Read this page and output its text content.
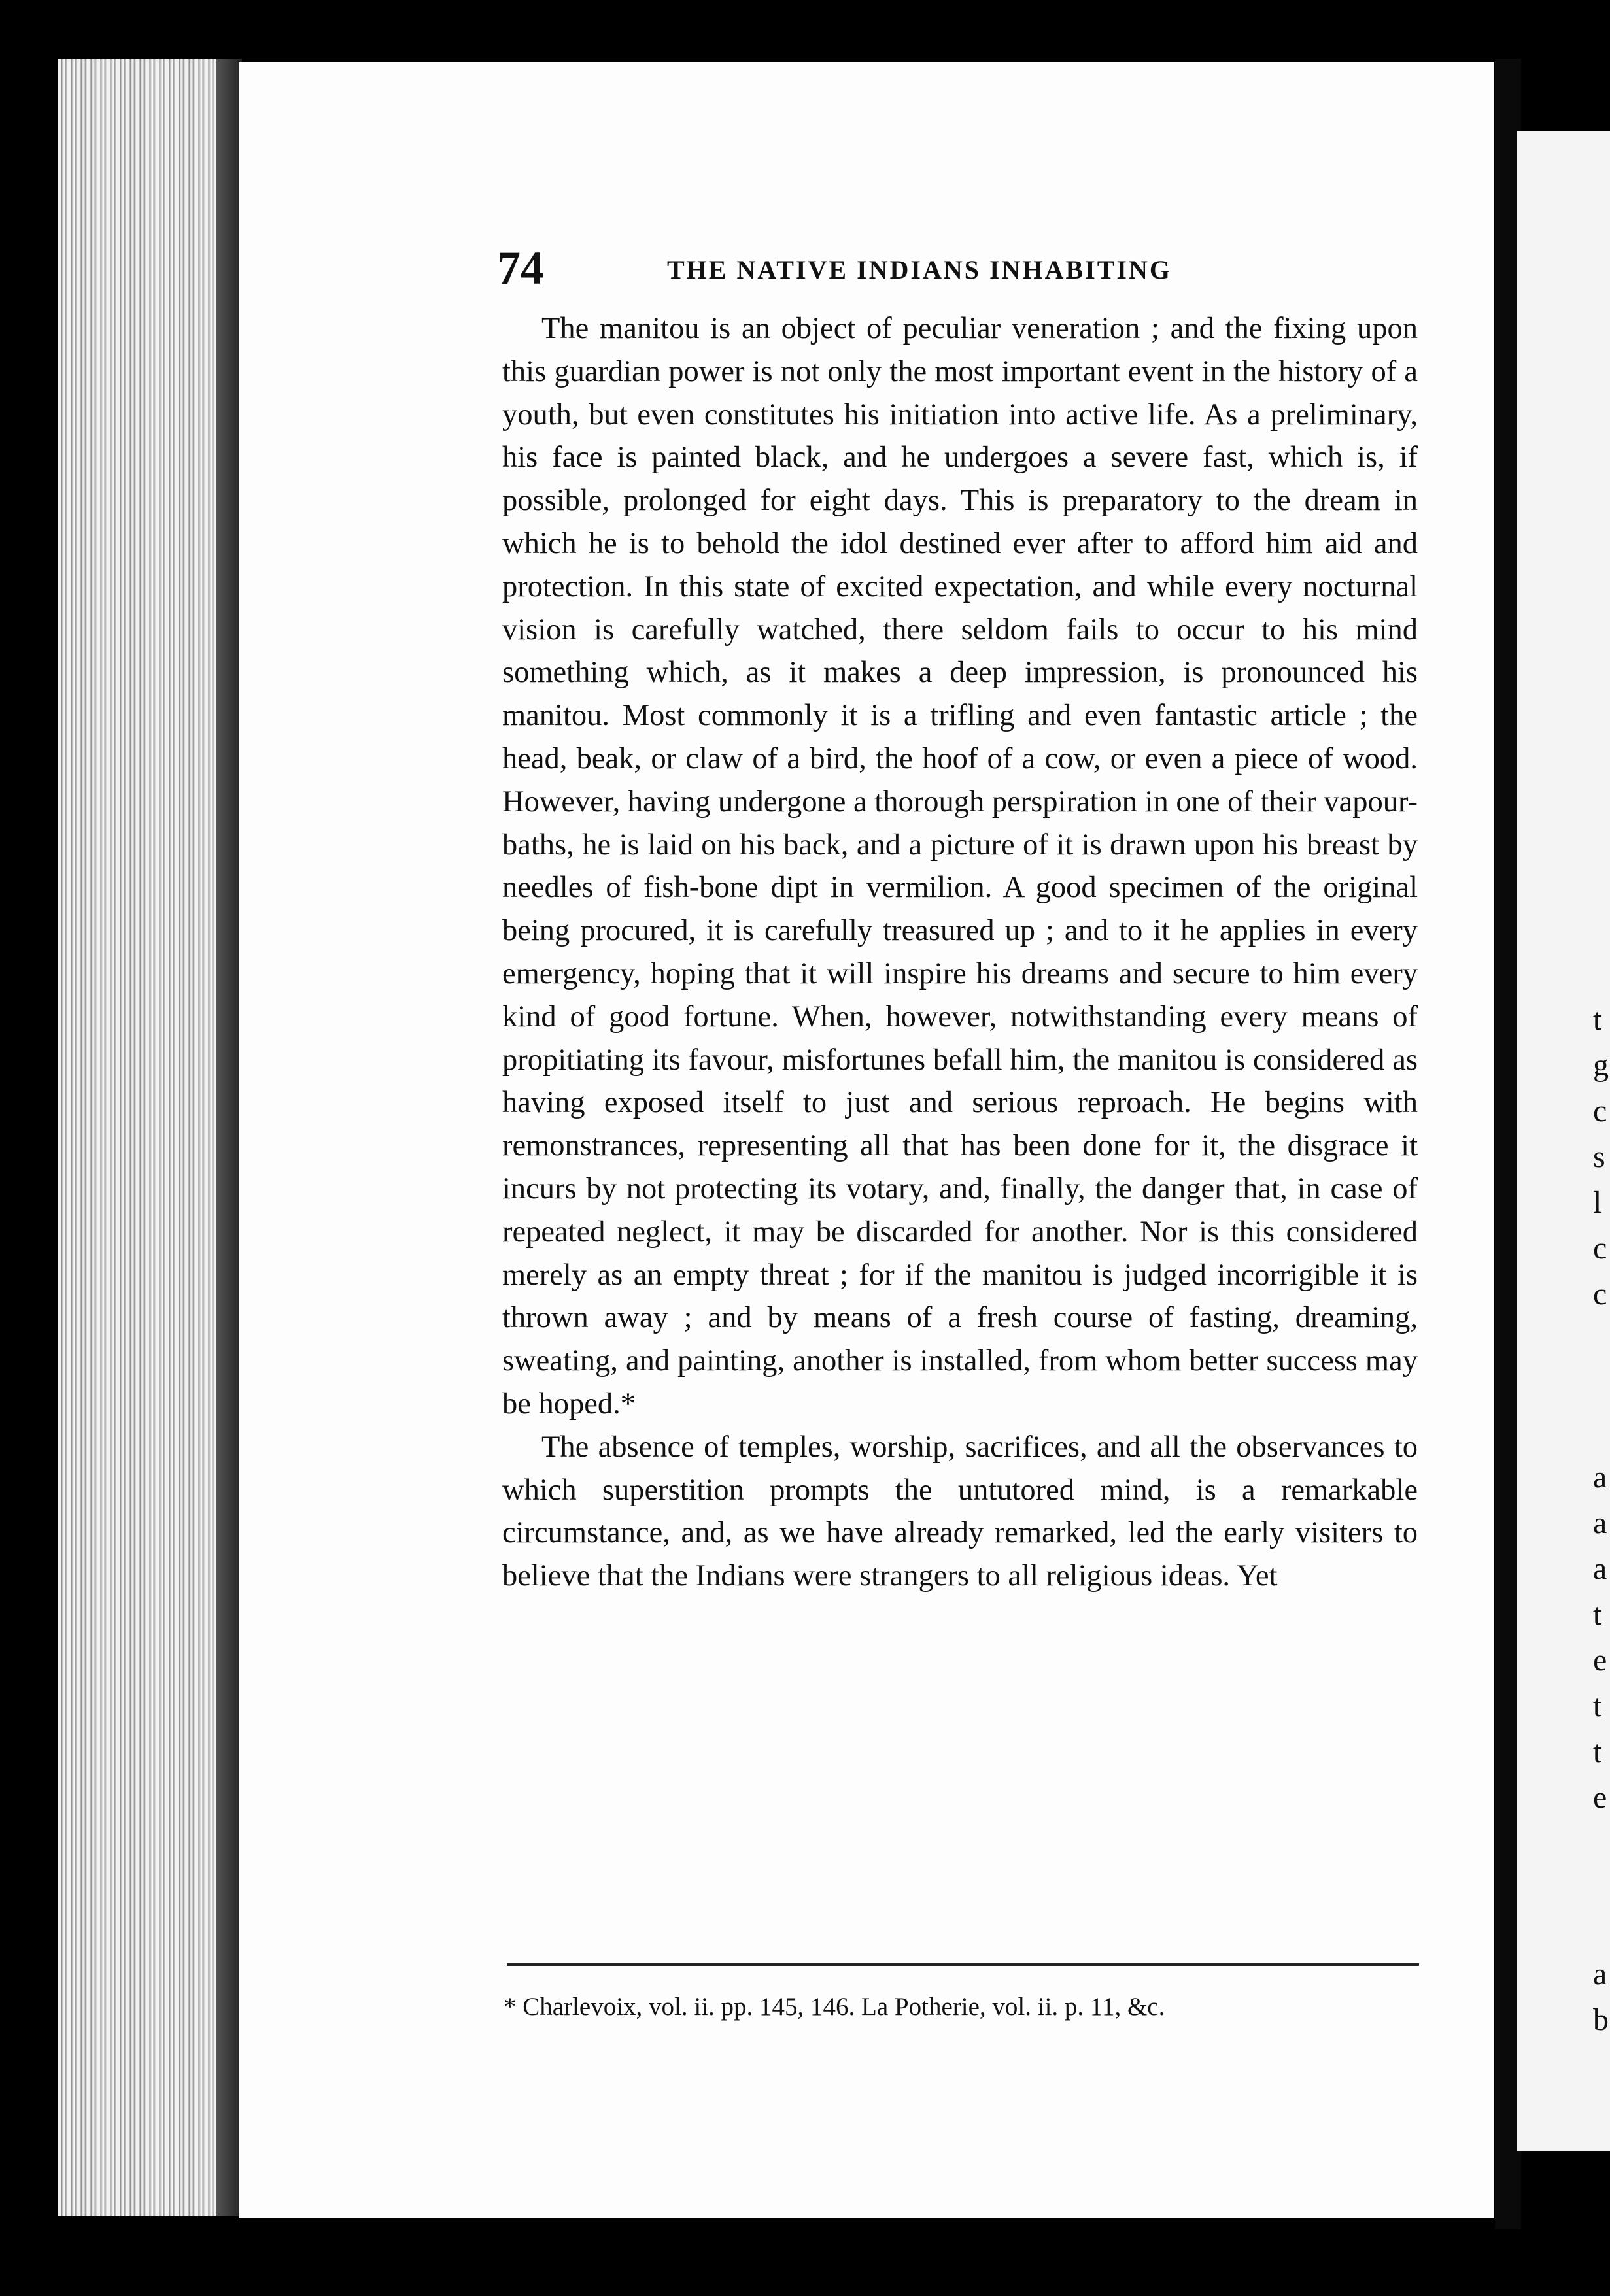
74	THE NATIVE INDIANS INHABITING

The manitou is an object of peculiar veneration ; and the fixing upon this guardian power is not only the most important event in the history of a youth, but even constitutes his initiation into active life. As a preliminary, his face is painted black, and he undergoes a severe fast, which is, if possible, prolonged for eight days. This is preparatory to the dream in which he is to behold the idol destined ever after to afford him aid and protection. In this state of excited expectation, and while every nocturnal vision is carefully watched, there seldom fails to occur to his mind something which, as it makes a deep impression, is pronounced his manitou. Most commonly it is a trifling and even fantastic article ; the head, beak, or claw of a bird, the hoof of a cow, or even a piece of wood. However, having undergone a thorough perspiration in one of their vapour-baths, he is laid on his back, and a picture of it is drawn upon his breast by needles of fish-bone dipt in vermilion. A good specimen of the original being procured, it is carefully treasured up ; and to it he applies in every emergency, hoping that it will inspire his dreams and secure to him every kind of good fortune. When, however, notwithstanding every means of propitiating its favour, misfortunes befall him, the manitou is considered as having exposed itself to just and serious reproach. He begins with remonstrances, representing all that has been done for it, the disgrace it incurs by not protecting its votary, and, finally, the danger that, in case of repeated neglect, it may be discarded for another. Nor is this considered merely as an empty threat ; for if the manitou is judged incorrigible it is thrown away ; and by means of a fresh course of fasting, dreaming, sweating, and painting, another is installed, from whom better success may be hoped.*

The absence of temples, worship, sacrifices, and all the observances to which superstition prompts the untutored mind, is a remarkable circumstance, and, as we have already remarked, led the early visiters to believe that the Indians were strangers to all religious ideas. Yet

* Charlevoix, vol. ii. pp. 145, 146. La Potherie, vol. ii. p. 11, &c.
t
g
c
s
l
c
c
a
a
a
t
e
t
t
e
a
b
